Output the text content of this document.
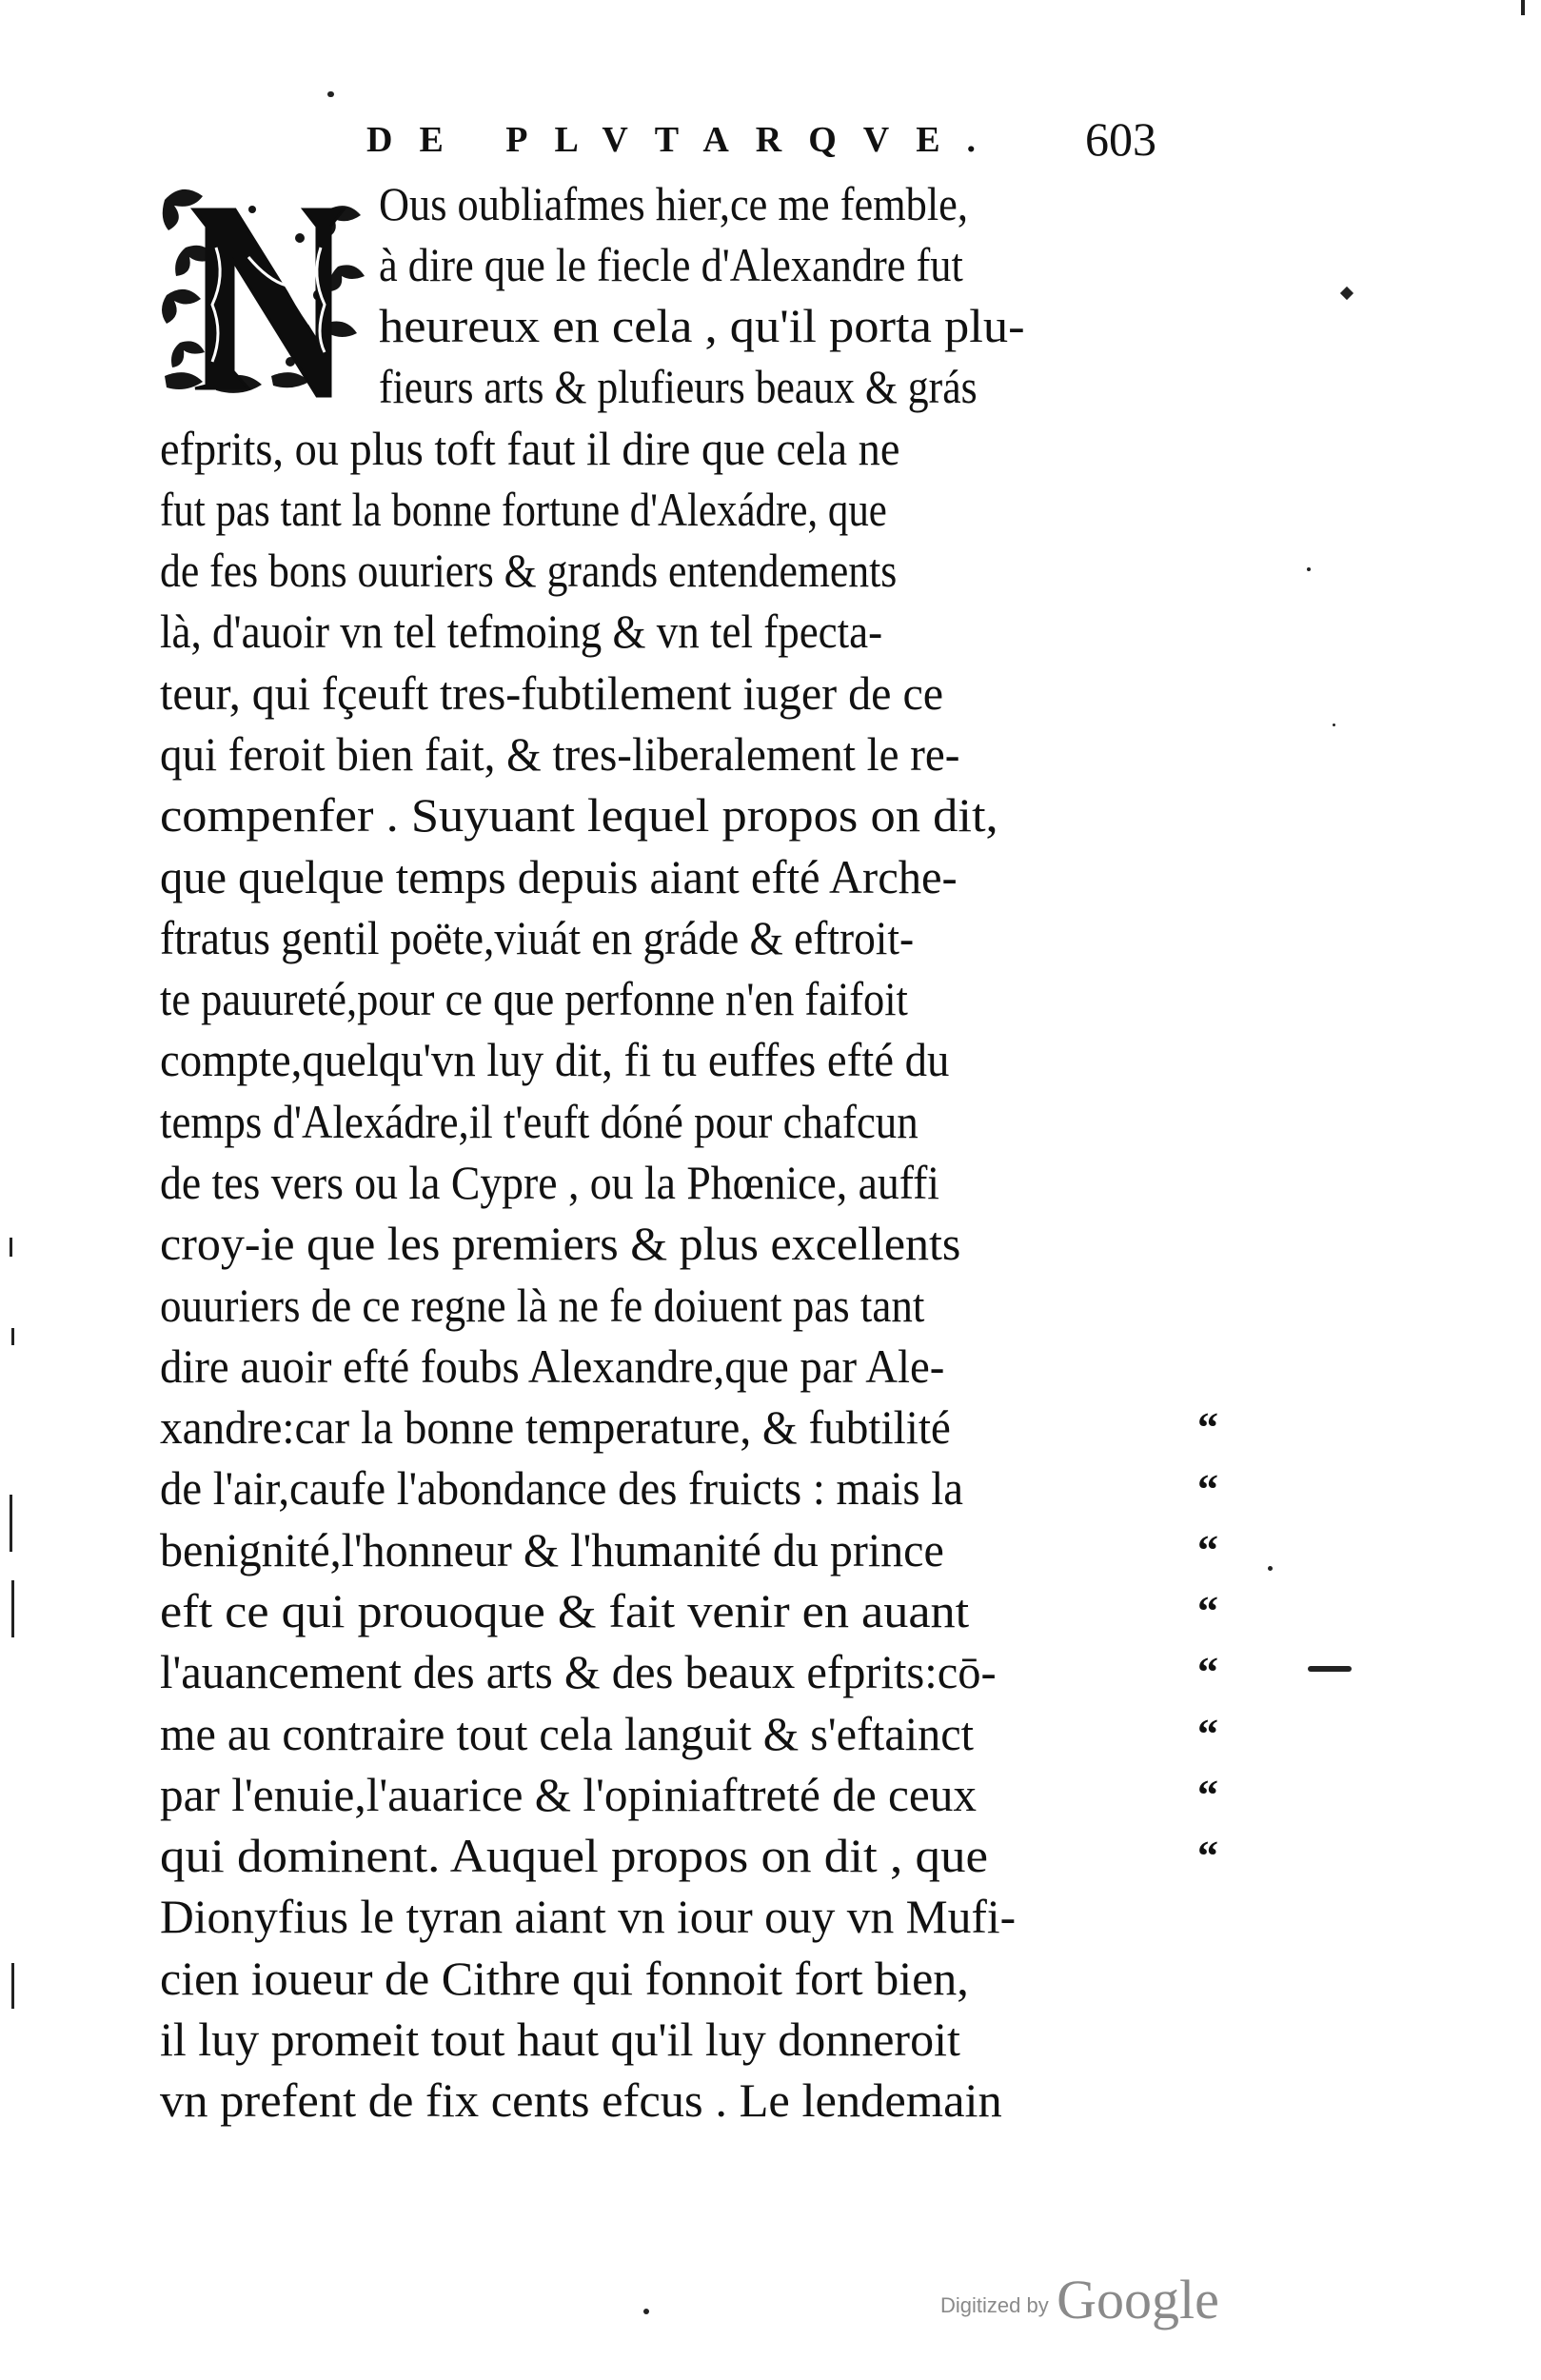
DE PLVTARQVE. 603
Ous oubliafmes hier,ce me femble,
à dire que le fiecle d'Alexandre fut
heureux en cela , qu'il porta plu-
fieurs arts & plufieurs beaux & grás
efprits, ou plus toft faut il dire que cela ne
fut pas tant la bonne fortune d'Alexádre, que
de fes bons ouuriers & grands entendements
là, d'auoir vn tel tefmoing & vn tel fpecta-
teur, qui fçeuft tres-fubtilement iuger de ce
qui feroit bien fait, & tres-liberalement le re-
compenfer . Suyuant lequel propos on dit,
que quelque temps depuis aiant efté Arche-
ftratus gentil poëte,viuát en gráde & eftroit-
te pauureté,pour ce que perfonne n'en faifoit
compte,quelqu'vn luy dit, fi tu euffes efté du
temps d'Alexádre,il t'euft dóné pour chafcun
de tes vers ou la Cypre , ou la Phœnice, auffi
croy-ie que les premiers & plus excellents
ouuriers de ce regne là ne fe doiuent pas tant
dire auoir efté foubs Alexandre,que par Ale-
xandre:car la bonne temperature, & fubtilité
de l'air,caufe l'abondance des fruicts : mais la
benignité,l'honneur & l'humanité du prince
eft ce qui prouoque & fait venir en auant
l'auancement des arts & des beaux efprits:cō-
me au contraire tout cela languit & s'eftainct
par l'enuie,l'auarice & l'opiniaftreté de ceux
qui dominent. Auquel propos on dit , que
Dionyfius le tyran aiant vn iour ouy vn Mufi-
cien ioueur de Cithre qui fonnoit fort bien,
il luy promeit tout haut qu'il luy donneroit
vn prefent de fix cents efcus . Le lendemain
“
“
“
“
“
“
“
“
Digitized by Google
